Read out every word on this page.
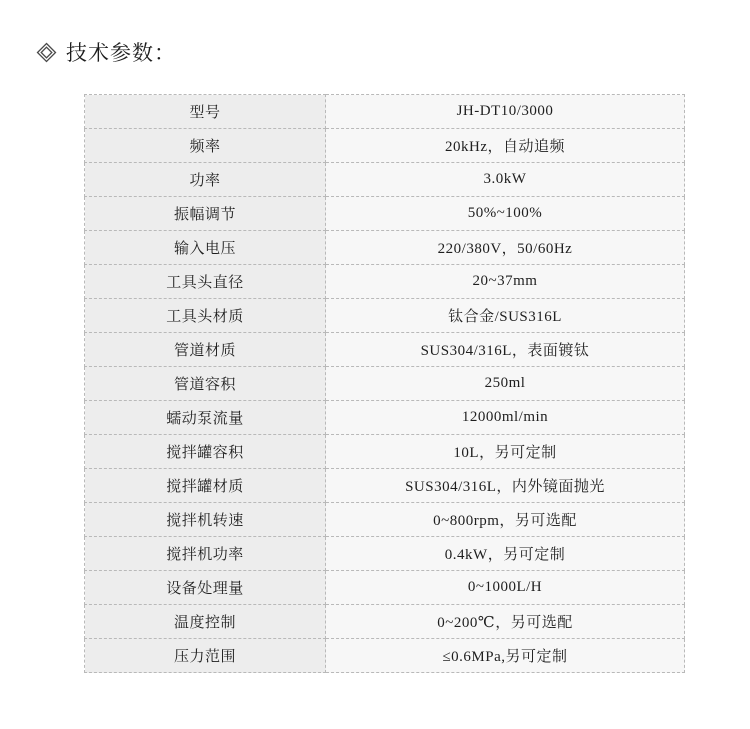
技术参数：
型号	JH-DT10/3000
频率	20kHz，自动追频
功率	3.0kW
振幅调节	50%~100%
输入电压	220/380V，50/60Hz
工具头直径	20~37mm
工具头材质	钛合金/SUS316L
管道材质	SUS304/316L，表面镀钛
管道容积	250ml
蠕动泵流量	12000ml/min
搅拌罐容积	10L，另可定制
搅拌罐材质	SUS304/316L，内外镜面抛光
搅拌机转速	0~800rpm，另可选配
搅拌机功率	0.4kW，另可定制
设备处理量	0~1000L/H
温度控制	0~200℃，另可选配
压力范围	≤0.6MPa,另可定制
